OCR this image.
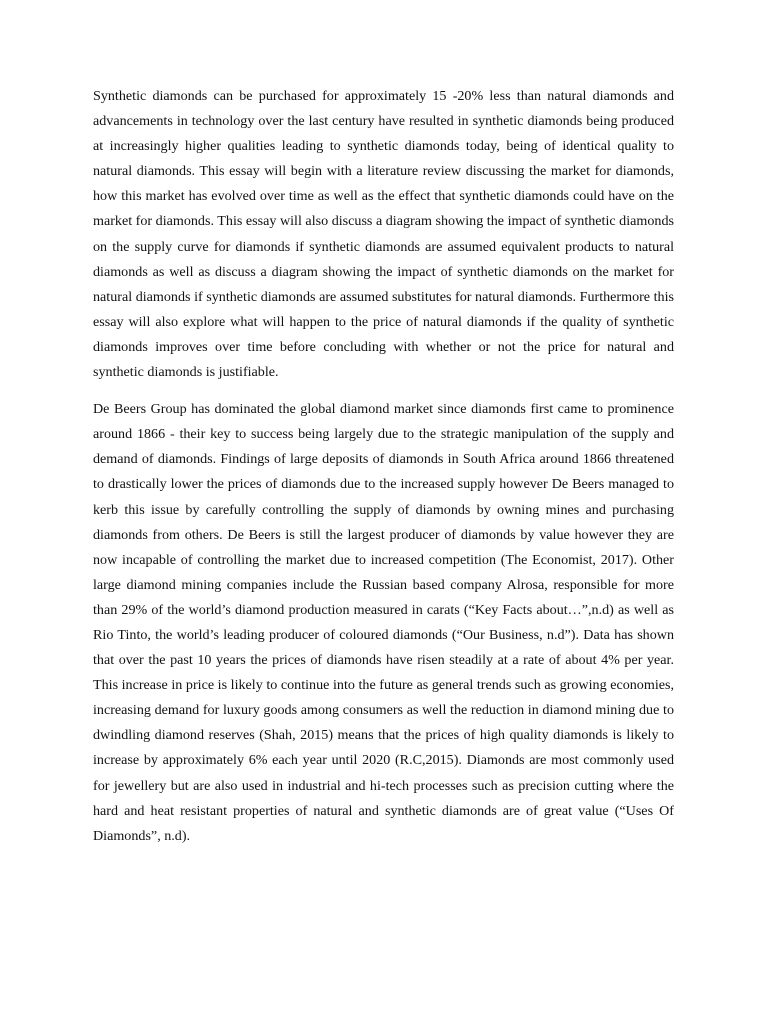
Synthetic diamonds can be purchased for approximately 15 -20% less than natural diamonds and advancements in technology over the last century have resulted in synthetic diamonds being produced at increasingly higher qualities leading to synthetic diamonds today, being of identical quality to natural diamonds. This essay will begin with a literature review discussing the market for diamonds, how this market has evolved over time as well as the effect that synthetic diamonds could have on the market for diamonds. This essay will also discuss a diagram showing the impact of synthetic diamonds on the supply curve for diamonds if synthetic diamonds are assumed equivalent products to natural diamonds as well as discuss a diagram showing the impact of synthetic diamonds on the market for natural diamonds if synthetic diamonds are assumed substitutes for natural diamonds. Furthermore this essay will also explore what will happen to the price of natural diamonds if the quality of synthetic diamonds improves over time before concluding with whether or not the price for natural and synthetic diamonds is justifiable.

De Beers Group has dominated the global diamond market since diamonds first came to prominence around 1866 - their key to success being largely due to the strategic manipulation of the supply and demand of diamonds. Findings of large deposits of diamonds in South Africa around 1866 threatened to drastically lower the prices of diamonds due to the increased supply however De Beers managed to kerb this issue by carefully controlling the supply of diamonds by owning mines and purchasing diamonds from others. De Beers is still the largest producer of diamonds by value however they are now incapable of controlling the market due to increased competition (The Economist, 2017). Other large diamond mining companies include the Russian based company Alrosa, responsible for more than 29% of the world’s diamond production measured in carats (“Key Facts about…”,n.d) as well as Rio Tinto, the world’s leading producer of coloured diamonds (“Our Business, n.d”). Data has shown that over the past 10 years the prices of diamonds have risen steadily at a rate of about 4% per year. This increase in price is likely to continue into the future as general trends such as growing economies, increasing demand for luxury goods among consumers as well the reduction in diamond mining due to dwindling diamond reserves (Shah, 2015) means that the prices of high quality diamonds is likely to increase by approximately 6% each year until 2020 (R.C,2015). Diamonds are most commonly used for jewellery but are also used in industrial and hi-tech processes such as precision cutting where the hard and heat resistant properties of natural and synthetic diamonds are of great value (“Uses Of Diamonds”, n.d).
